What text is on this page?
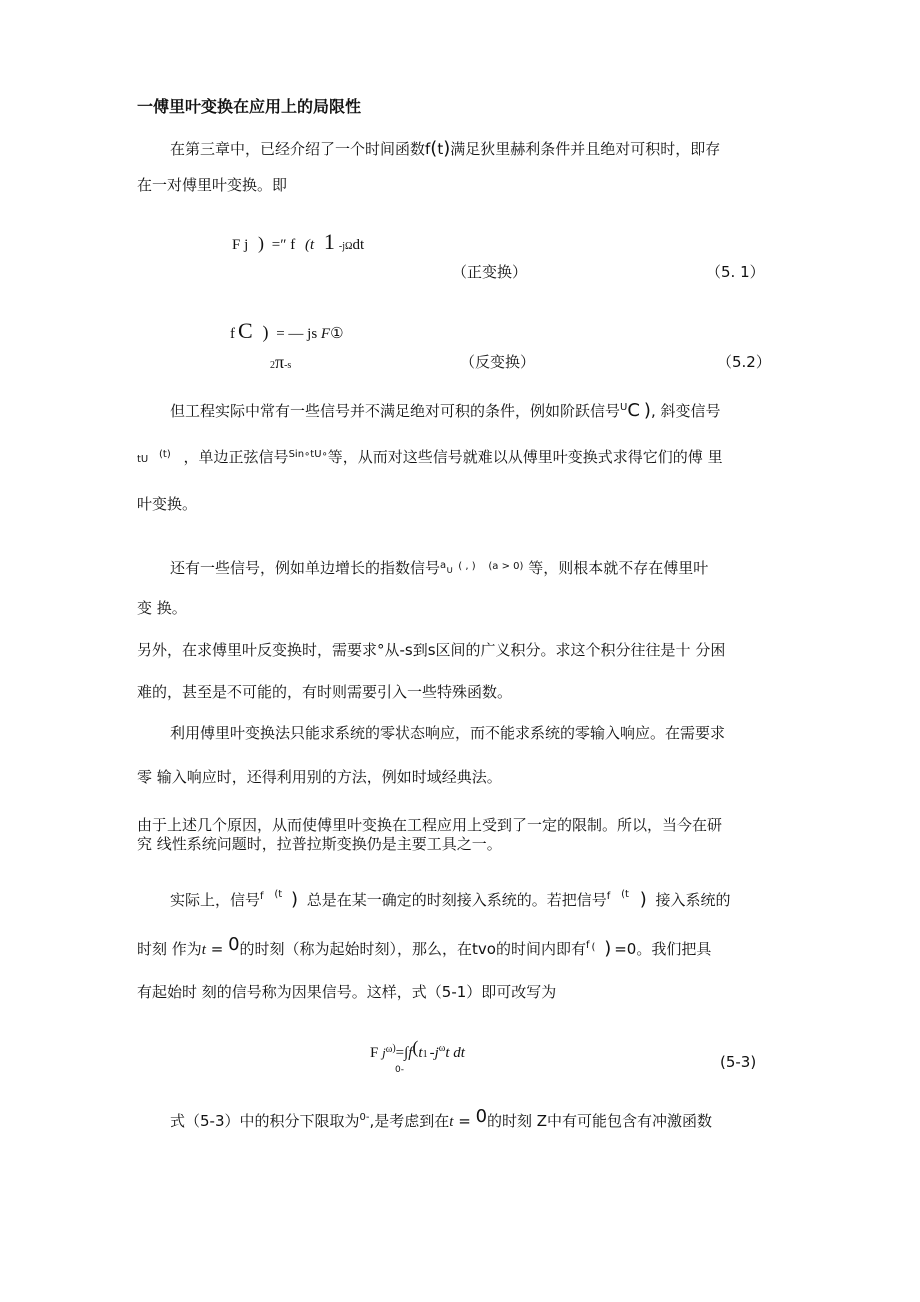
一傅里叶变换在应用上的局限性
在第三章中，已经介绍了一个时间函数f(t)满足狄里赫利条件并且绝对可积时，即存
在一对傅里叶变换。即
F j ) =″ f (t 1 -jΩdt
（正变换）	（5. 1）
f C ) = — js F①
2π-s	（反变换）	（5.2）
但工程实际中常有一些信号并不满足绝对可积的条件，例如阶跃信号$^U$C ), 斜变信号
tU $^{(t)}$ ，单边正弦信号$^{Sin\circ tU\circ}$等，从而对这些信号就难以从傅里叶变换式求得它们的傅 里
叶变换。
还有一些信号，例如单边增长的指数信号$^a$∪ ( , ) $^{(a > 0)}$ 等，则根本就不存在傅里叶
变 换。
另外，在求傅里叶反变换时，需要求°从-s到s区间的广义积分。求这个积分往往是十 分困
难的，甚至是不可能的，有时则需要引入一些特殊函数。
利用傅里叶变换法只能求系统的零状态响应，而不能求系统的零输入响应。在需要求
零 输入响应时，还得利用别的方法，例如时域经典法。
由于上述几个原因，从而使傅里叶变换在工程应用上受到了一定的限制。所以，当今在研
究 线性系统问题时，拉普拉斯变换仍是主要工具之一。
实际上，信号$^f$ $^{(t}$ ) 总是在某一确定的时刻接入系统的。若把信号$^f$ $^{(t}$ ) 接入系统的
时刻 作为t = 0的时刻（称为起始时刻），那么，在tvo的时间内即有$^f$ ( ) =0。我们把具
有起始时 刻的信号称为因果信号。这样，式（5-1）即可改写为
F $j^{\omega)}=\int f(t1$ $-j^\omega t$ dt
0-	(5-3)
式（5-3）中的积分下限取为$^{0-}$,是考虑到在t = 0的时刻 Z中有可能包含有冲激函数
